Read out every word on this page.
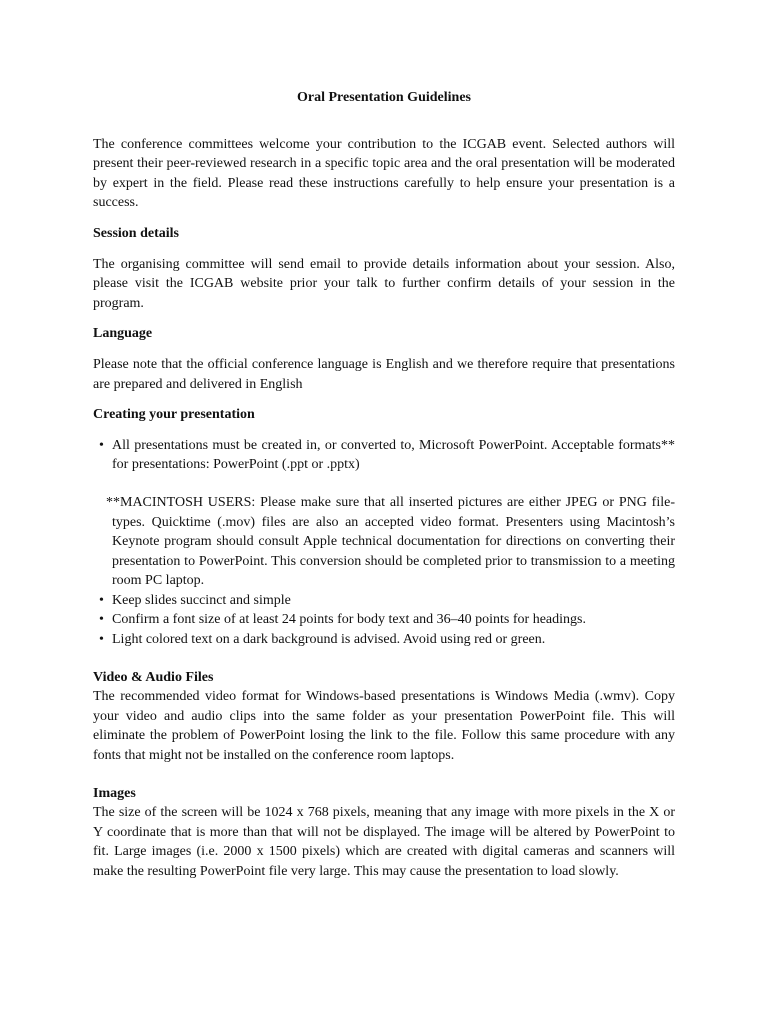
Oral Presentation Guidelines

The conference committees welcome your contribution to the ICGAB event. Selected authors will present their peer-reviewed research in a specific topic area and the oral presentation will be moderated by expert in the field. Please read these instructions carefully to help ensure your presentation is a success.

Session details

The organising committee will send email to provide details information about your session. Also, please visit the ICGAB website prior your talk to further confirm details of your session in the program.

Language

Please note that the official conference language is English and we therefore require that presentations are prepared and delivered in English

Creating your presentation
• All presentations must be created in, or converted to, Microsoft PowerPoint. Acceptable formats** for presentations: PowerPoint (.ppt or .pptx)

**MACINTOSH USERS: Please make sure that all inserted pictures are either JPEG or PNG file-types. Quicktime (.mov) files are also an accepted video format. Presenters using Macintosh’s Keynote program should consult Apple technical documentation for directions on converting their presentation to PowerPoint. This conversion should be completed prior to transmission to a meeting room PC laptop.

• Keep slides succinct and simple
• Confirm a font size of at least 24 points for body text and 36–40 points for headings.
• Light colored text on a dark background is advised. Avoid using red or green.
Video & Audio Files

The recommended video format for Windows-based presentations is Windows Media (.wmv). Copy your video and audio clips into the same folder as your presentation PowerPoint file. This will eliminate the problem of PowerPoint losing the link to the file. Follow this same procedure with any fonts that might not be installed on the conference room laptops.

Images

The size of the screen will be 1024 x 768 pixels, meaning that any image with more pixels in the X or Y coordinate that is more than that will not be displayed. The image will be altered by PowerPoint to fit. Large images (i.e. 2000 x 1500 pixels) which are created with digital cameras and scanners will make the resulting PowerPoint file very large. This may cause the presentation to load slowly.
